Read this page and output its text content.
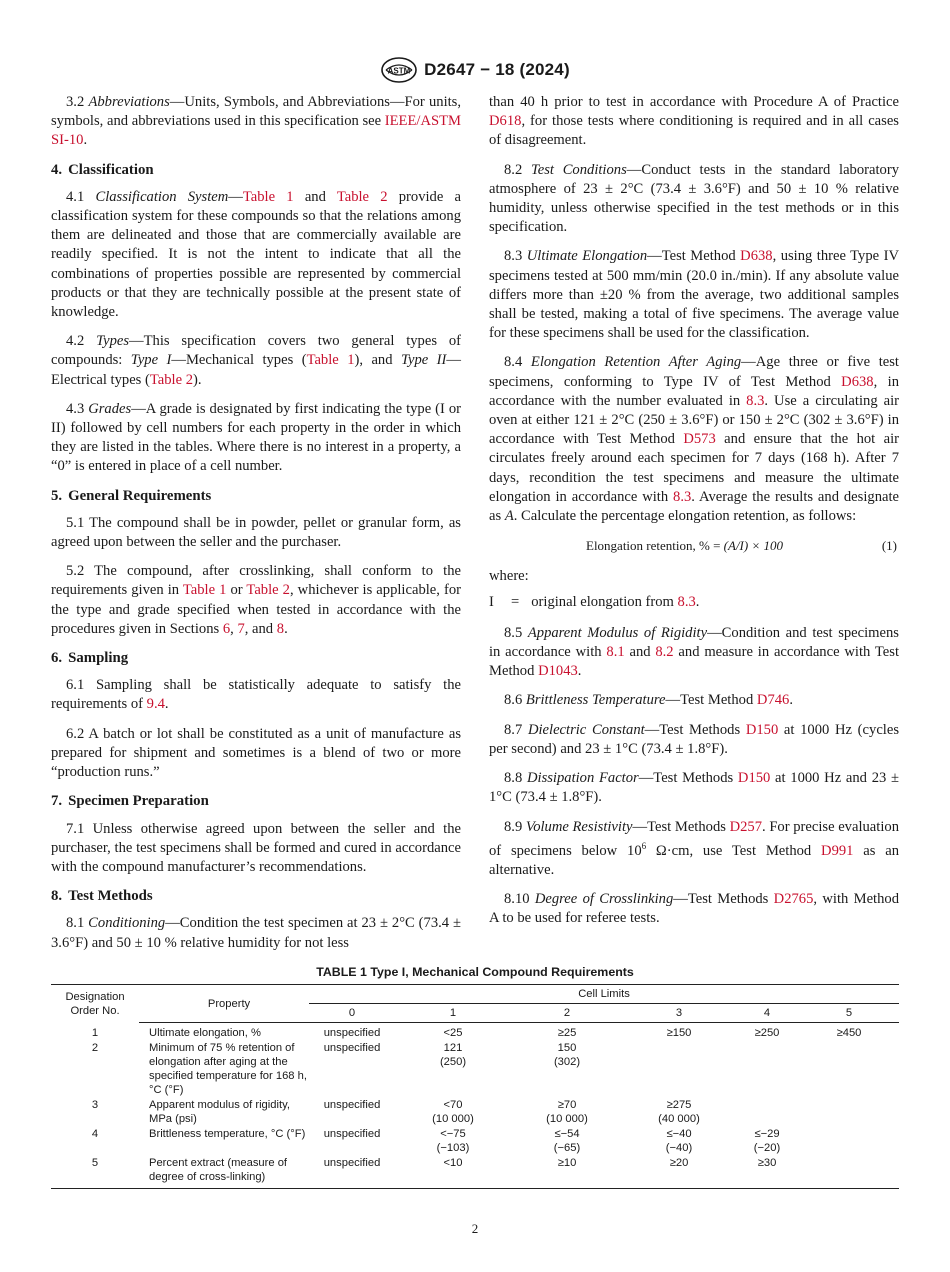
ASTM D2647 − 18 (2024)

3.2 Abbreviations—Units, Symbols, and Abbreviations—For units, symbols, and abbreviations used in this specification see IEEE/ASTM SI-10.

4. Classification

4.1 Classification System—Table 1 and Table 2 provide a classification system for these compounds so that the relations among them are delineated and those that are commercially available are readily specified. It is not the intent to indicate that all the combinations of properties possible are represented by commercial products or that they are technically possible at the present state of knowledge.

4.2 Types—This specification covers two general types of compounds: Type I—Mechanical types (Table 1), and Type II—Electrical types (Table 2).

4.3 Grades—A grade is designated by first indicating the type (I or II) followed by cell numbers for each property in the order in which they are listed in the tables. Where there is no interest in a property, a “0” is entered in place of a cell number.

5. General Requirements

5.1 The compound shall be in powder, pellet or granular form, as agreed upon between the seller and the purchaser.

5.2 The compound, after crosslinking, shall conform to the requirements given in Table 1 or Table 2, whichever is applicable, for the type and grade specified when tested in accordance with the procedures given in Sections 6, 7, and 8.

6. Sampling

6.1 Sampling shall be statistically adequate to satisfy the requirements of 9.4.

6.2 A batch or lot shall be constituted as a unit of manufacture as prepared for shipment and sometimes is a blend of two or more “production runs.”

7. Specimen Preparation

7.1 Unless otherwise agreed upon between the seller and the purchaser, the test specimens shall be formed and cured in accordance with the compound manufacturer’s recommendations.

8. Test Methods

8.1 Conditioning—Condition the test specimen at 23 ± 2°C (73.4 ± 3.6°F) and 50 ± 10 % relative humidity for not less

than 40 h prior to test in accordance with Procedure A of Practice D618, for those tests where conditioning is required and in all cases of disagreement.

8.2 Test Conditions—Conduct tests in the standard laboratory atmosphere of 23 ± 2°C (73.4 ± 3.6°F) and 50 ± 10 % relative humidity, unless otherwise specified in the test methods or in this specification.

8.3 Ultimate Elongation—Test Method D638, using three Type IV specimens tested at 500 mm/min (20.0 in./min). If any absolute value differs more than ±20 % from the average, two additional samples shall be tested, making a total of five specimens. The average value for these specimens shall be used for the classification.

8.4 Elongation Retention After Aging—Age three or five test specimens, conforming to Type IV of Test Method D638, in accordance with the number evaluated in 8.3. Use a circulating air oven at either 121 ± 2°C (250 ± 3.6°F) or 150 ± 2°C (302 ± 3.6°F) in accordance with Test Method D573 and ensure that the hot air circulates freely around each specimen for 7 days (168 h). After 7 days, recondition the test specimens and measure the ultimate elongation in accordance with 8.3. Average the results and designate as A. Calculate the percentage elongation retention, as follows:

Elongation retention, % = (A/I) × 100	(1)

where:

I	= original elongation from 8.3.

8.5 Apparent Modulus of Rigidity—Condition and test specimens in accordance with 8.1 and 8.2 and measure in accordance with Test Method D1043.

8.6 Brittleness Temperature—Test Method D746.

8.7 Dielectric Constant—Test Methods D150 at 1000 Hz (cycles per second) and 23 ± 1°C (73.4 ± 1.8°F).

8.8 Dissipation Factor—Test Methods D150 at 1000 Hz and 23 ± 1°C (73.4 ± 1.8°F).

8.9 Volume Resistivity—Test Methods D257. For precise evaluation of specimens below $10^6$ Ω·cm, use Test Method D991 as an alternative.

8.10 Degree of Crosslinking—Test Methods D2765, with Method A to be used for referee tests.

TABLE 1 Type I, Mechanical Compound Requirements
Designation Order No.	Property	Cell Limits					
		0	1	2	3	4	5
1	Ultimate elongation, %	unspecified	<25	≥25	≥150	≥250	≥450

2	Minimum of 75 % retention of
elongation after aging at the
specified temperature for 168 h,
°C (°F)	unspecified	121
(250)	150
(302)			

3	Apparent modulus of rigidity,
MPa (psi)	unspecified	<70
(10 000)	≥70
(10 000)	≥275
(40 000)		

4	Brittleness temperature, °C (°F)	unspecified	<−75
(−103)	≤−54
(−65)	≤−40
(−40)	≤−29
(−20)	

5	Percent extract (measure of
degree of cross-linking)	unspecified	<10	≥10	≥20	≥30	

2
